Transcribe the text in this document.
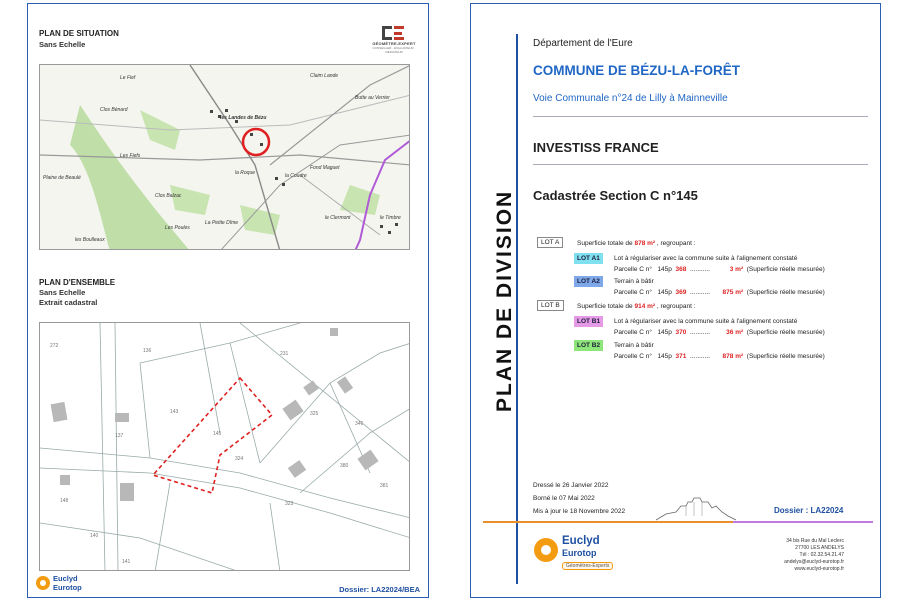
PLAN DE SITUATION
Sans Echelle	GÉOMÈTRE-EXPERT
CONSEILLER · ÉVALUATEUR · MÉDIATEUR
Le Fief	Claim Lande
Clos Bénard
Butte au Verrier
les Landes de Bézu
Plaine de Beaulé
Les Fiefs
la Roque
Clos Balzac
Fond Maguet
la Coudre
le Timbre
La Petite Dîme
Les Poules
les Boulleaux
le Clermont
PLAN D'ENSEMBLE
Sans Echelle
Extrait cadastral
136	231
143
145
137
324
325
346
380
381
323
140
141
148
272
Euclyd
Eurotop	Dossier: LA22024/BEA
PLAN DE DIVISION
Département de l'Eure
COMMUNE DE BÉZU-LA-FORÊT
Voie Communale n°24 de Lilly à Mainneville
INVESTISS FRANCE
Cadastrée Section C n°145
LOT A	Superficie totale de 878 m² , regroupant :
LOT A1	Lot à régulariser avec la commune suite à l'alignement constaté
Parcelle C n° 145p 368 ...........	3 m² (Superficie réelle mesurée)
LOT A2	Terrain à bâtir
Parcelle C n° 145p 369 ........... 875 m² (Superficie réelle mesurée)
LOT B	Superficie totale de 914 m² , regroupant :
LOT B1	Lot à régulariser avec la commune suite à l'alignement constaté
Parcelle C n° 145p 370 ...........	36 m² (Superficie réelle mesurée)
LOT B2	Terrain à bâtir
Parcelle C n° 145p 371 ........... 878 m² (Superficie réelle mesurée)
Dressé le 26 Janvier 2022
Borné le 07 Mai 2022
Mis à jour le 18 Novembre 2022	Dossier : LA22024
Euclyd
Eurotop
Géomètres-Experts
34 bis Rue du Mal Leclerc
27700 LES ANDELYS
Tél : 02.32.54.21.47
andelys@euclyd-eurotop.fr
www.euclyd-eurotop.fr
